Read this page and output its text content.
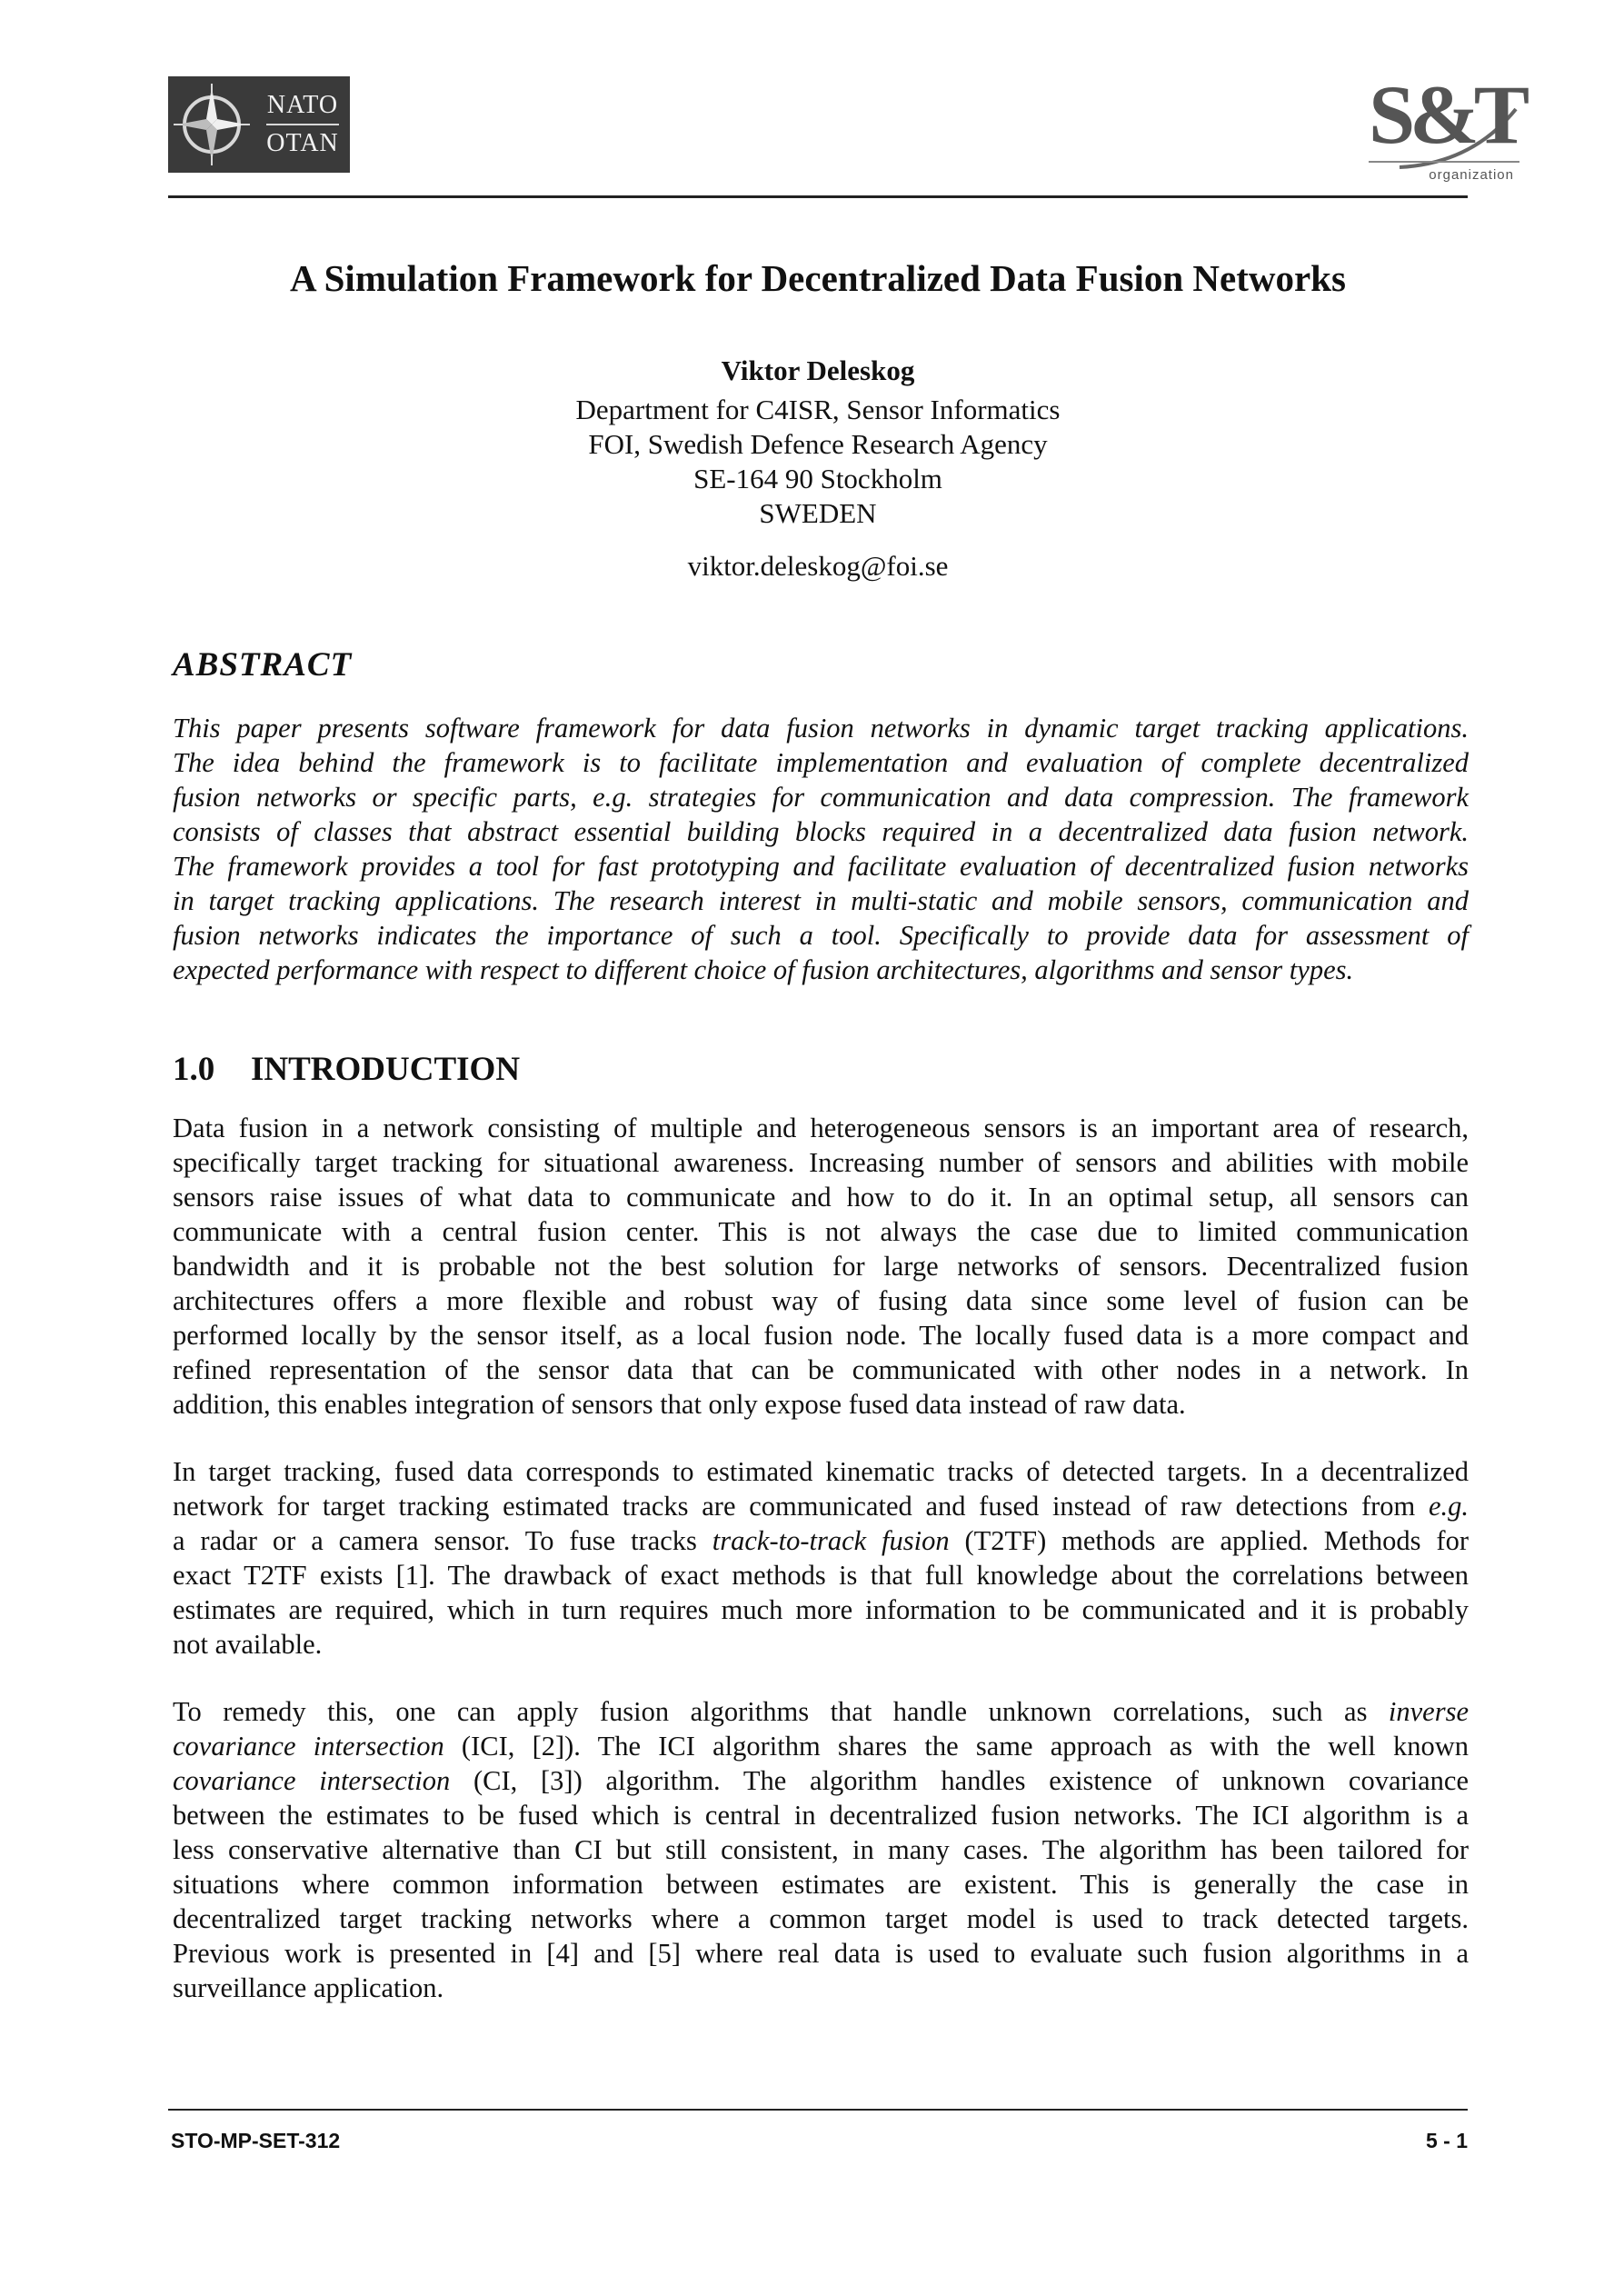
NATO
OTAN	S&T
organization
A Simulation Framework for Decentralized Data Fusion Networks
Viktor Deleskog
Department for C4ISR, Sensor Informatics
FOI, Swedish Defence Research Agency
SE-164 90 Stockholm
SWEDEN
viktor.deleskog@foi.se
ABSTRACT
This paper presents software framework for data fusion networks in dynamic target tracking applications.
The idea behind the framework is to facilitate implementation and evaluation of complete decentralized
fusion networks or specific parts, e.g. strategies for communication and data compression. The framework
consists of classes that abstract essential building blocks required in a decentralized data fusion network.
The framework provides a tool for fast prototyping and facilitate evaluation of decentralized fusion networks
in target tracking applications. The research interest in multi-static and mobile sensors, communication and
fusion networks indicates the importance of such a tool. Specifically to provide data for assessment of
expected performance with respect to different choice of fusion architectures, algorithms and sensor types.
1.0 INTRODUCTION
Data fusion in a network consisting of multiple and heterogeneous sensors is an important area of research,
specifically target tracking for situational awareness. Increasing number of sensors and abilities with mobile
sensors raise issues of what data to communicate and how to do it. In an optimal setup, all sensors can
communicate with a central fusion center. This is not always the case due to limited communication
bandwidth and it is probable not the best solution for large networks of sensors. Decentralized fusion
architectures offers a more flexible and robust way of fusing data since some level of fusion can be
performed locally by the sensor itself, as a local fusion node. The locally fused data is a more compact and
refined representation of the sensor data that can be communicated with other nodes in a network. In
addition, this enables integration of sensors that only expose fused data instead of raw data.
In target tracking, fused data corresponds to estimated kinematic tracks of detected targets. In a decentralized
network for target tracking estimated tracks are communicated and fused instead of raw detections from e.g.
a radar or a camera sensor. To fuse tracks track-to-track fusion (T2TF) methods are applied. Methods for
exact T2TF exists [1]. The drawback of exact methods is that full knowledge about the correlations between
estimates are required, which in turn requires much more information to be communicated and it is probably
not available.
To remedy this, one can apply fusion algorithms that handle unknown correlations, such as inverse
covariance intersection (ICI, [2]). The ICI algorithm shares the same approach as with the well known
covariance intersection (CI, [3]) algorithm. The algorithm handles existence of unknown covariance
between the estimates to be fused which is central in decentralized fusion networks. The ICI algorithm is a
less conservative alternative than CI but still consistent, in many cases. The algorithm has been tailored for
situations where common information between estimates are existent. This is generally the case in
decentralized target tracking networks where a common target model is used to track detected targets.
Previous work is presented in [4] and [5] where real data is used to evaluate such fusion algorithms in a
surveillance application.
STO-MP-SET-312	5 - 1
